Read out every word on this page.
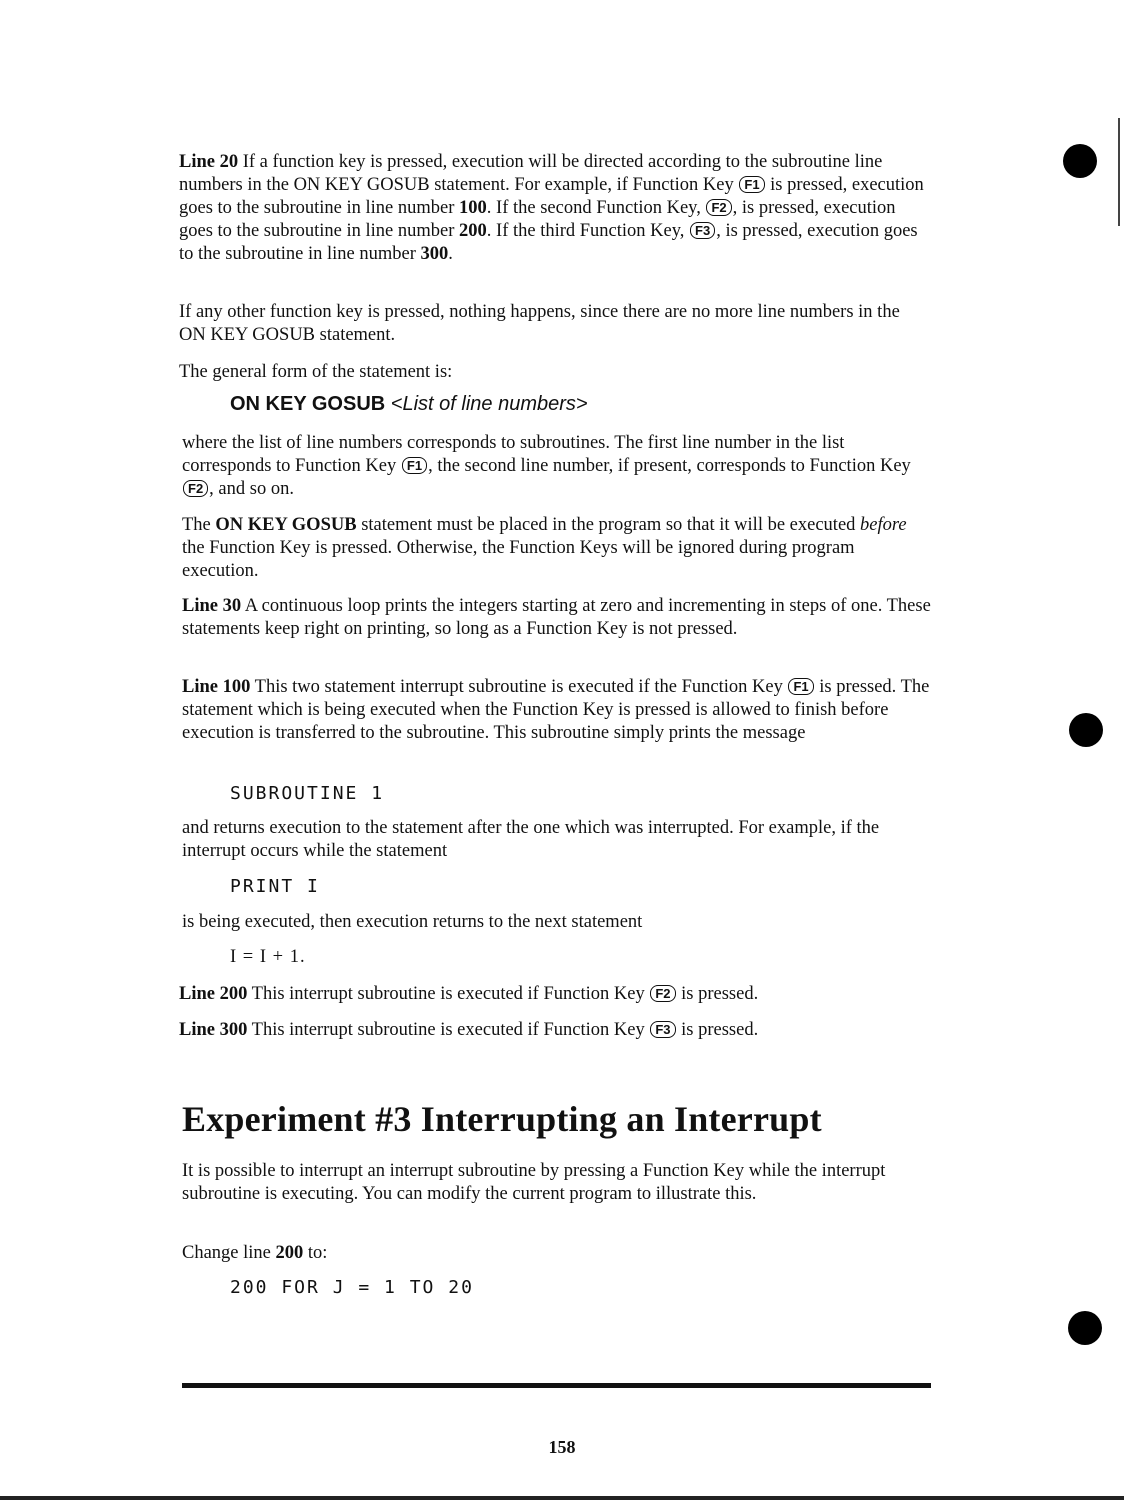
Line 20 If a function key is pressed, execution will be directed according to the subroutine line numbers in the ON KEY GOSUB statement. For example, if Function Key F1 is pressed, execution goes to the subroutine in line number 100. If the second Function Key, F2 , is pressed, execution goes to the subroutine in line number 200. If the third Function Key, F3 , is pressed, execution goes to the subroutine in line number 300.

If any other function key is pressed, nothing happens, since there are no more line numbers in the ON KEY GOSUB statement.

The general form of the statement is:

ON KEY GOSUB <List of line numbers>

where the list of line numbers corresponds to subroutines. The first line number in the list corresponds to Function Key F1 , the second line number, if present, corresponds to Function Key F2 , and so on.

The ON KEY GOSUB statement must be placed in the program so that it will be executed before the Function Key is pressed. Otherwise, the Function Keys will be ignored during program execution.

Line 30 A continuous loop prints the integers starting at zero and incrementing in steps of one. These statements keep right on printing, so long as a Function Key is not pressed.

Line 100 This two statement interrupt subroutine is executed if the Function Key F1 is pressed. The statement which is being executed when the Function Key is pressed is allowed to finish before execution is transferred to the subroutine. This subroutine simply prints the message

SUBROUTINE 1

and returns execution to the statement after the one which was interrupted. For example, if the interrupt occurs while the statement

PRINT I

is being executed, then execution returns to the next statement

I = I + 1.

Line 200 This interrupt subroutine is executed if Function Key F2 is pressed.

Line 300 This interrupt subroutine is executed if Function Key F3 is pressed.

Experiment #3 Interrupting an Interrupt

It is possible to interrupt an interrupt subroutine by pressing a Function Key while the interrupt subroutine is executing. You can modify the current program to illustrate this.

Change line 200 to:

200 FOR J = 1 TO 20

158
